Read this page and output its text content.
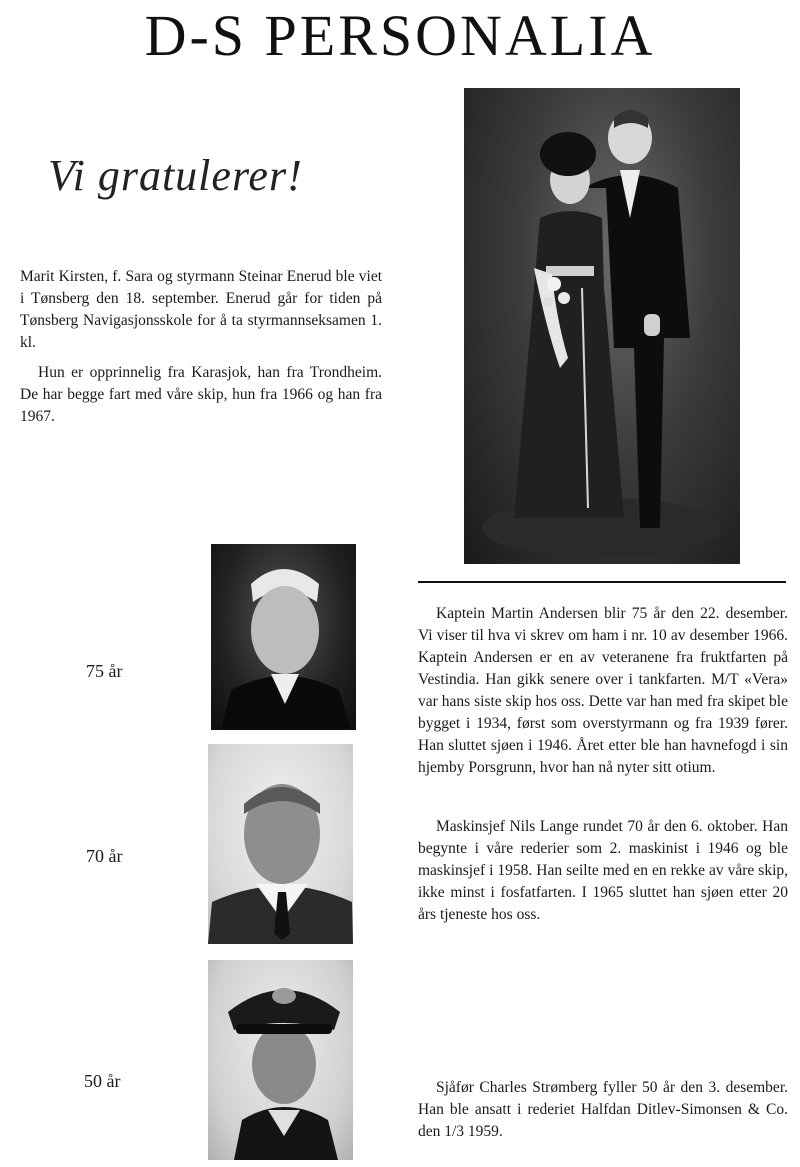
D-S PERSONALIA
Vi gratulerer!

Marit Kirsten, f. Sara og styrmann Steinar Enerud ble viet i Tønsberg den 18. september. Enerud går for tiden på Tønsberg Navigasjonsskole for å ta styrmannseksamen 1. kl.

Hun er opprinnelig fra Karasjok, han fra Trondheim. De har begge fart med våre skip, hun fra 1966 og han fra 1967.

75 år

Kaptein Martin Andersen blir 75 år den 22. desember. Vi viser til hva vi skrev om ham i nr. 10 av desember 1966. Kaptein Andersen er en av veteranene fra fruktfarten på Vestindia. Han gikk senere over i tankfarten. M/T «Vera» var hans siste skip hos oss. Dette var han med fra skipet ble bygget i 1934, først som overstyrmann og fra 1939 fører. Han sluttet sjøen i 1946. Året etter ble han havnefogd i sin hjemby Porsgrunn, hvor han nå nyter sitt otium.

70 år

Maskinsjef Nils Lange rundet 70 år den 6. oktober. Han begynte i våre rederier som 2. maskinist i 1946 og ble maskinsjef i 1958. Han seilte med en en rekke av våre skip, ikke minst i fosfatfarten. I 1965 sluttet han sjøen etter 20 års tjeneste hos oss.

50 år	Sjåfør Charles Strømberg fyller 50 år den 3. desember. Han ble ansatt i rederiet Halfdan Ditlev-Simonsen & Co. den 1/3 1959.
